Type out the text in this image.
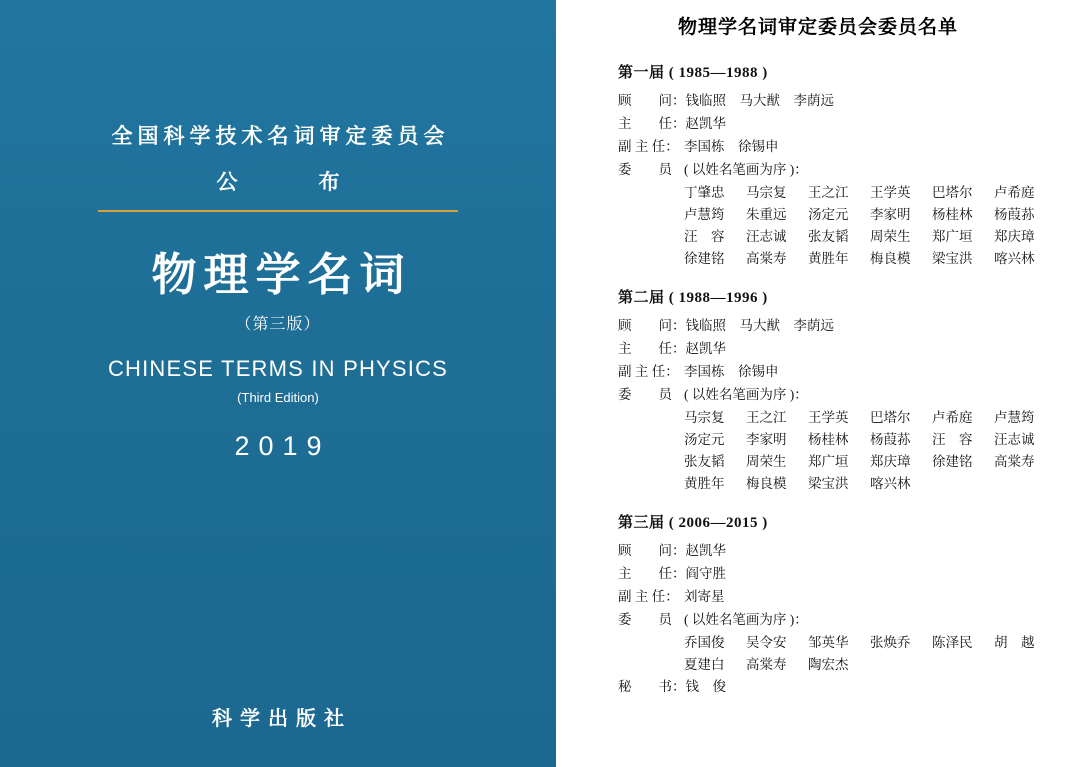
全国科学技术名词审定委员会
公　布
物理学名词
（第三版）
CHINESE TERMS IN PHYSICS
(Third Edition)
2019
科学出版社
物理学名词审定委员会委员名单
第一届 ( 1985—1988 )
顾　　问： 钱临照　马大猷　李荫远
主　　任： 赵凯华
副 主 任： 李国栋　徐锡申
委　　员 ( 以姓名笔画为序 )：
丁肇忠	马宗复	王之江	王学英	巴塔尔	卢希庭
卢慧筠	朱重远	汤定元	李家明	杨桂林	杨葭荪
汪　容	汪志诚	张友韬	周荣生	郑广垣	郑庆璋
徐建铭	高棠寿	黄胜年	梅良模	梁宝洪	喀兴林
第二届 ( 1988—1996 )
顾　　问： 钱临照　马大猷　李荫远
主　　任： 赵凯华
副 主 任： 李国栋　徐锡申
委　　员 ( 以姓名笔画为序 )：
马宗复	王之江	王学英	巴塔尔	卢希庭	卢慧筠
汤定元	李家明	杨桂林	杨葭荪	汪　容	汪志诚
张友韬	周荣生	郑广垣	郑庆璋	徐建铭	高棠寿
黄胜年	梅良模	梁宝洪	喀兴林
第三届 ( 2006—2015 )
顾　　问： 赵凯华
主　　任： 阎守胜
副 主 任： 刘寄星
委　　员 ( 以姓名笔画为序 )：
乔国俊	吴令安	邹英华	张焕乔	陈泽民	胡　越
夏建白	高棠寿	陶宏杰
秘　　书： 钱　俊
